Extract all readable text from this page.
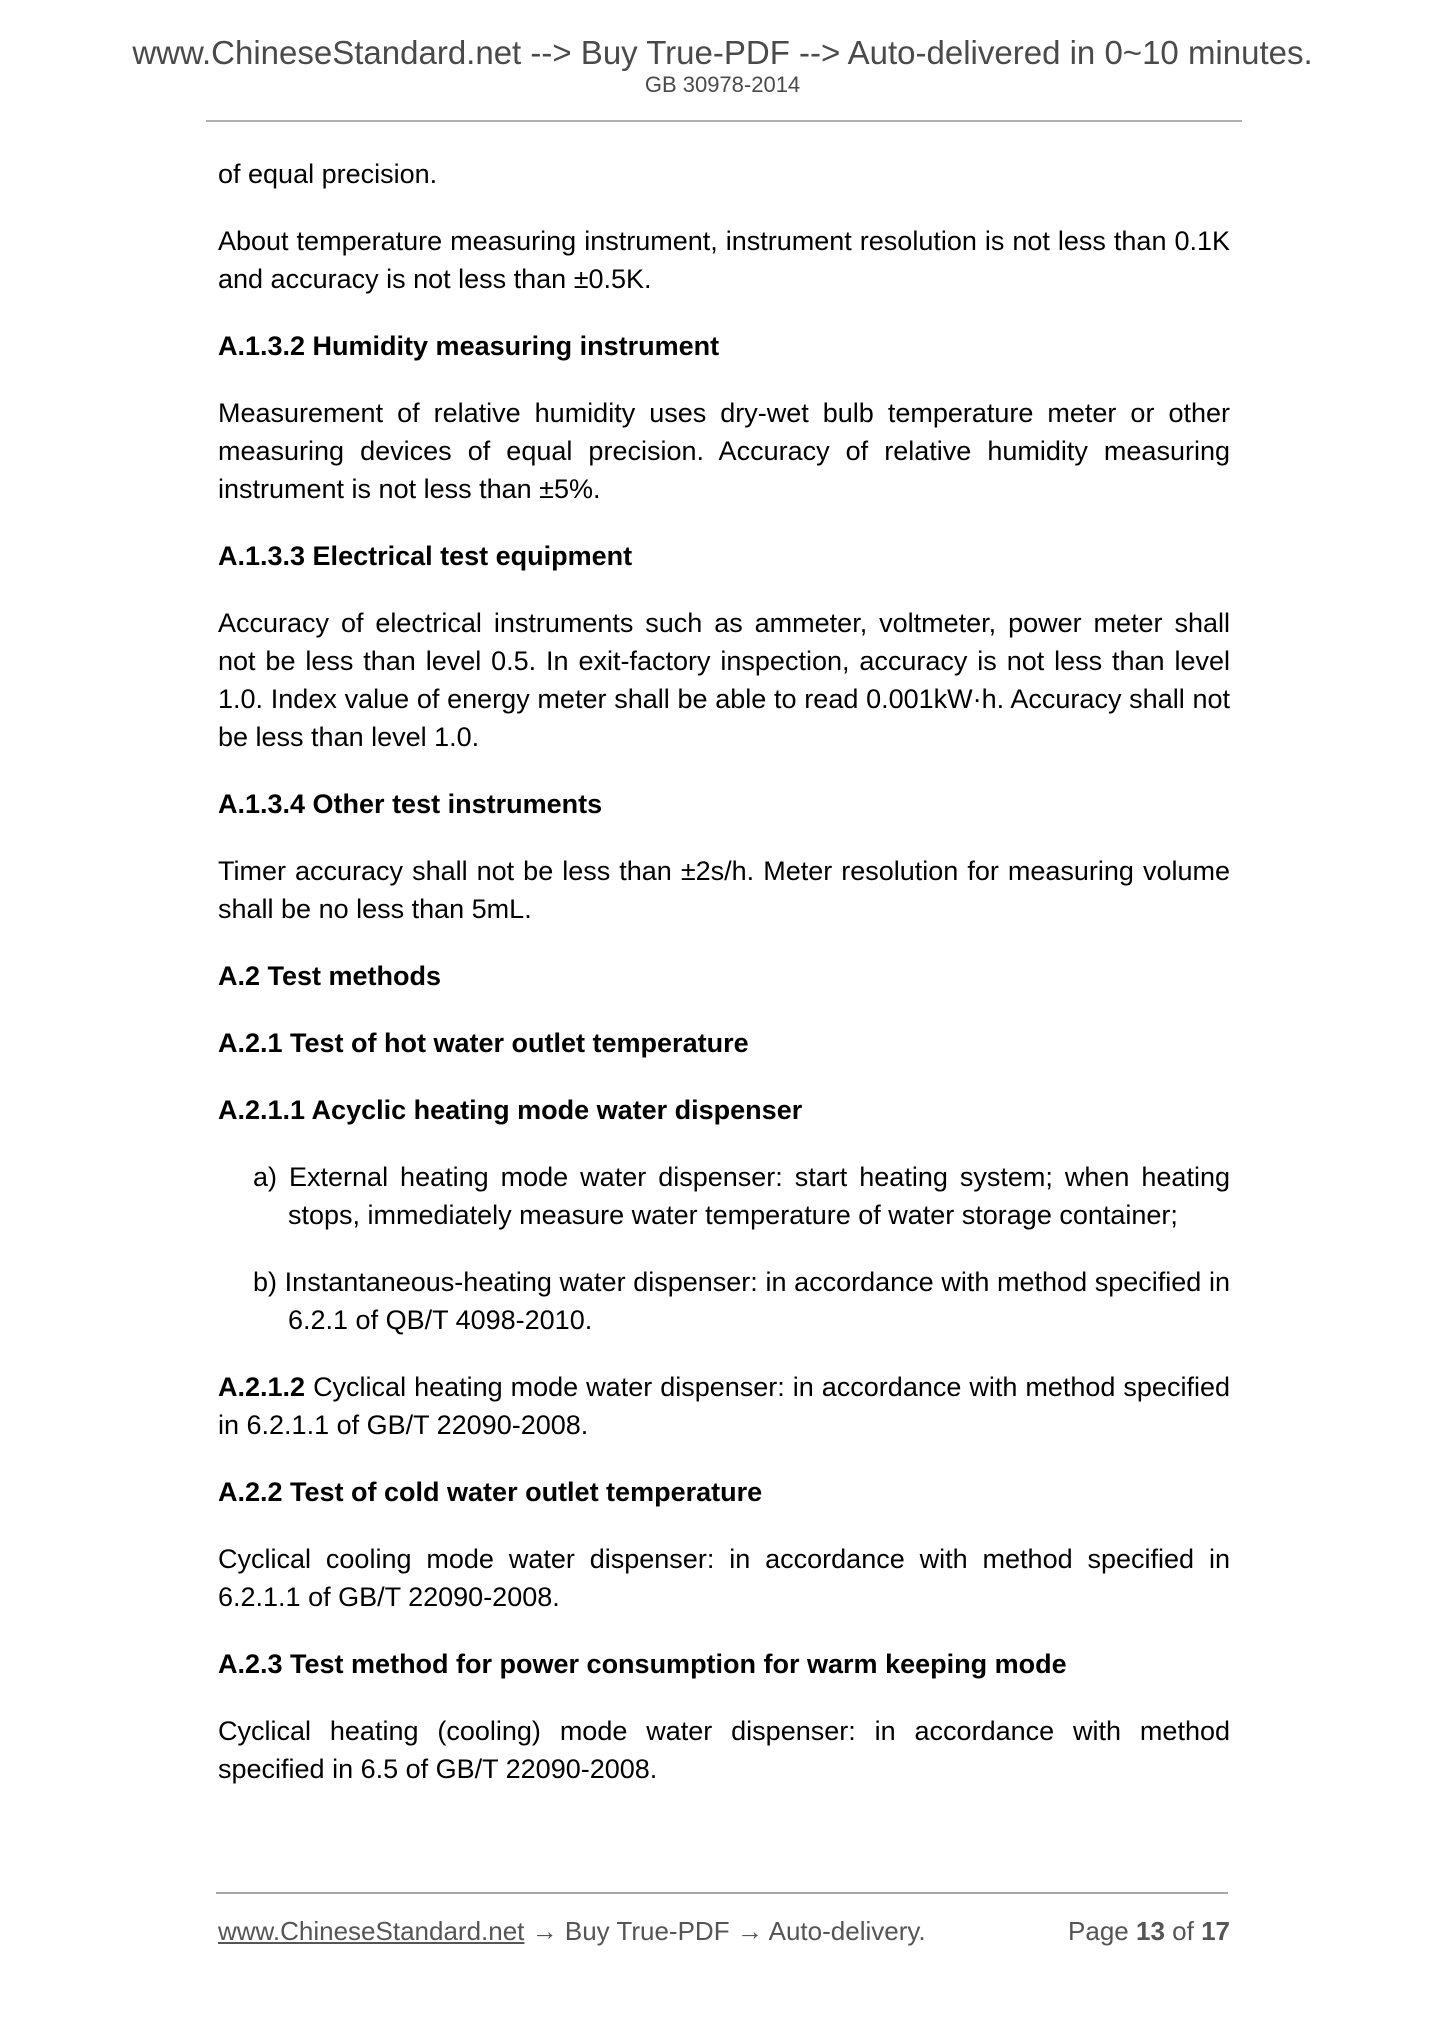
www.ChineseStandard.net --> Buy True-PDF --> Auto-delivered in 0~10 minutes.
GB 30978-2014

of equal precision.

About temperature measuring instrument, instrument resolution is not less than 0.1K and accuracy is not less than ±0.5K.

A.1.3.2 Humidity measuring instrument

Measurement of relative humidity uses dry-wet bulb temperature meter or other measuring devices of equal precision. Accuracy of relative humidity measuring instrument is not less than ±5%.

A.1.3.3 Electrical test equipment

Accuracy of electrical instruments such as ammeter, voltmeter, power meter shall not be less than level 0.5. In exit-factory inspection, accuracy is not less than level 1.0. Index value of energy meter shall be able to read 0.001kW·h. Accuracy shall not be less than level 1.0.

A.1.3.4 Other test instruments

Timer accuracy shall not be less than ±2s/h. Meter resolution for measuring volume shall be no less than 5mL.

A.2 Test methods
A.2.1 Test of hot water outlet temperature
A.2.1.1 Acyclic heating mode water dispenser

a) External heating mode water dispenser: start heating system; when heating stops, immediately measure water temperature of water storage container;

b) Instantaneous-heating water dispenser: in accordance with method specified in 6.2.1 of QB/T 4098-2010.

A.2.1.2 Cyclical heating mode water dispenser: in accordance with method specified in 6.2.1.1 of GB/T 22090-2008.

A.2.2 Test of cold water outlet temperature

Cyclical cooling mode water dispenser: in accordance with method specified in 6.2.1.1 of GB/T 22090-2008.

A.2.3 Test method for power consumption for warm keeping mode

Cyclical heating (cooling) mode water dispenser: in accordance with method specified in 6.5 of GB/T 22090-2008.

www.ChineseStandard.net → Buy True-PDF → Auto-delivery.	Page 13 of 17
